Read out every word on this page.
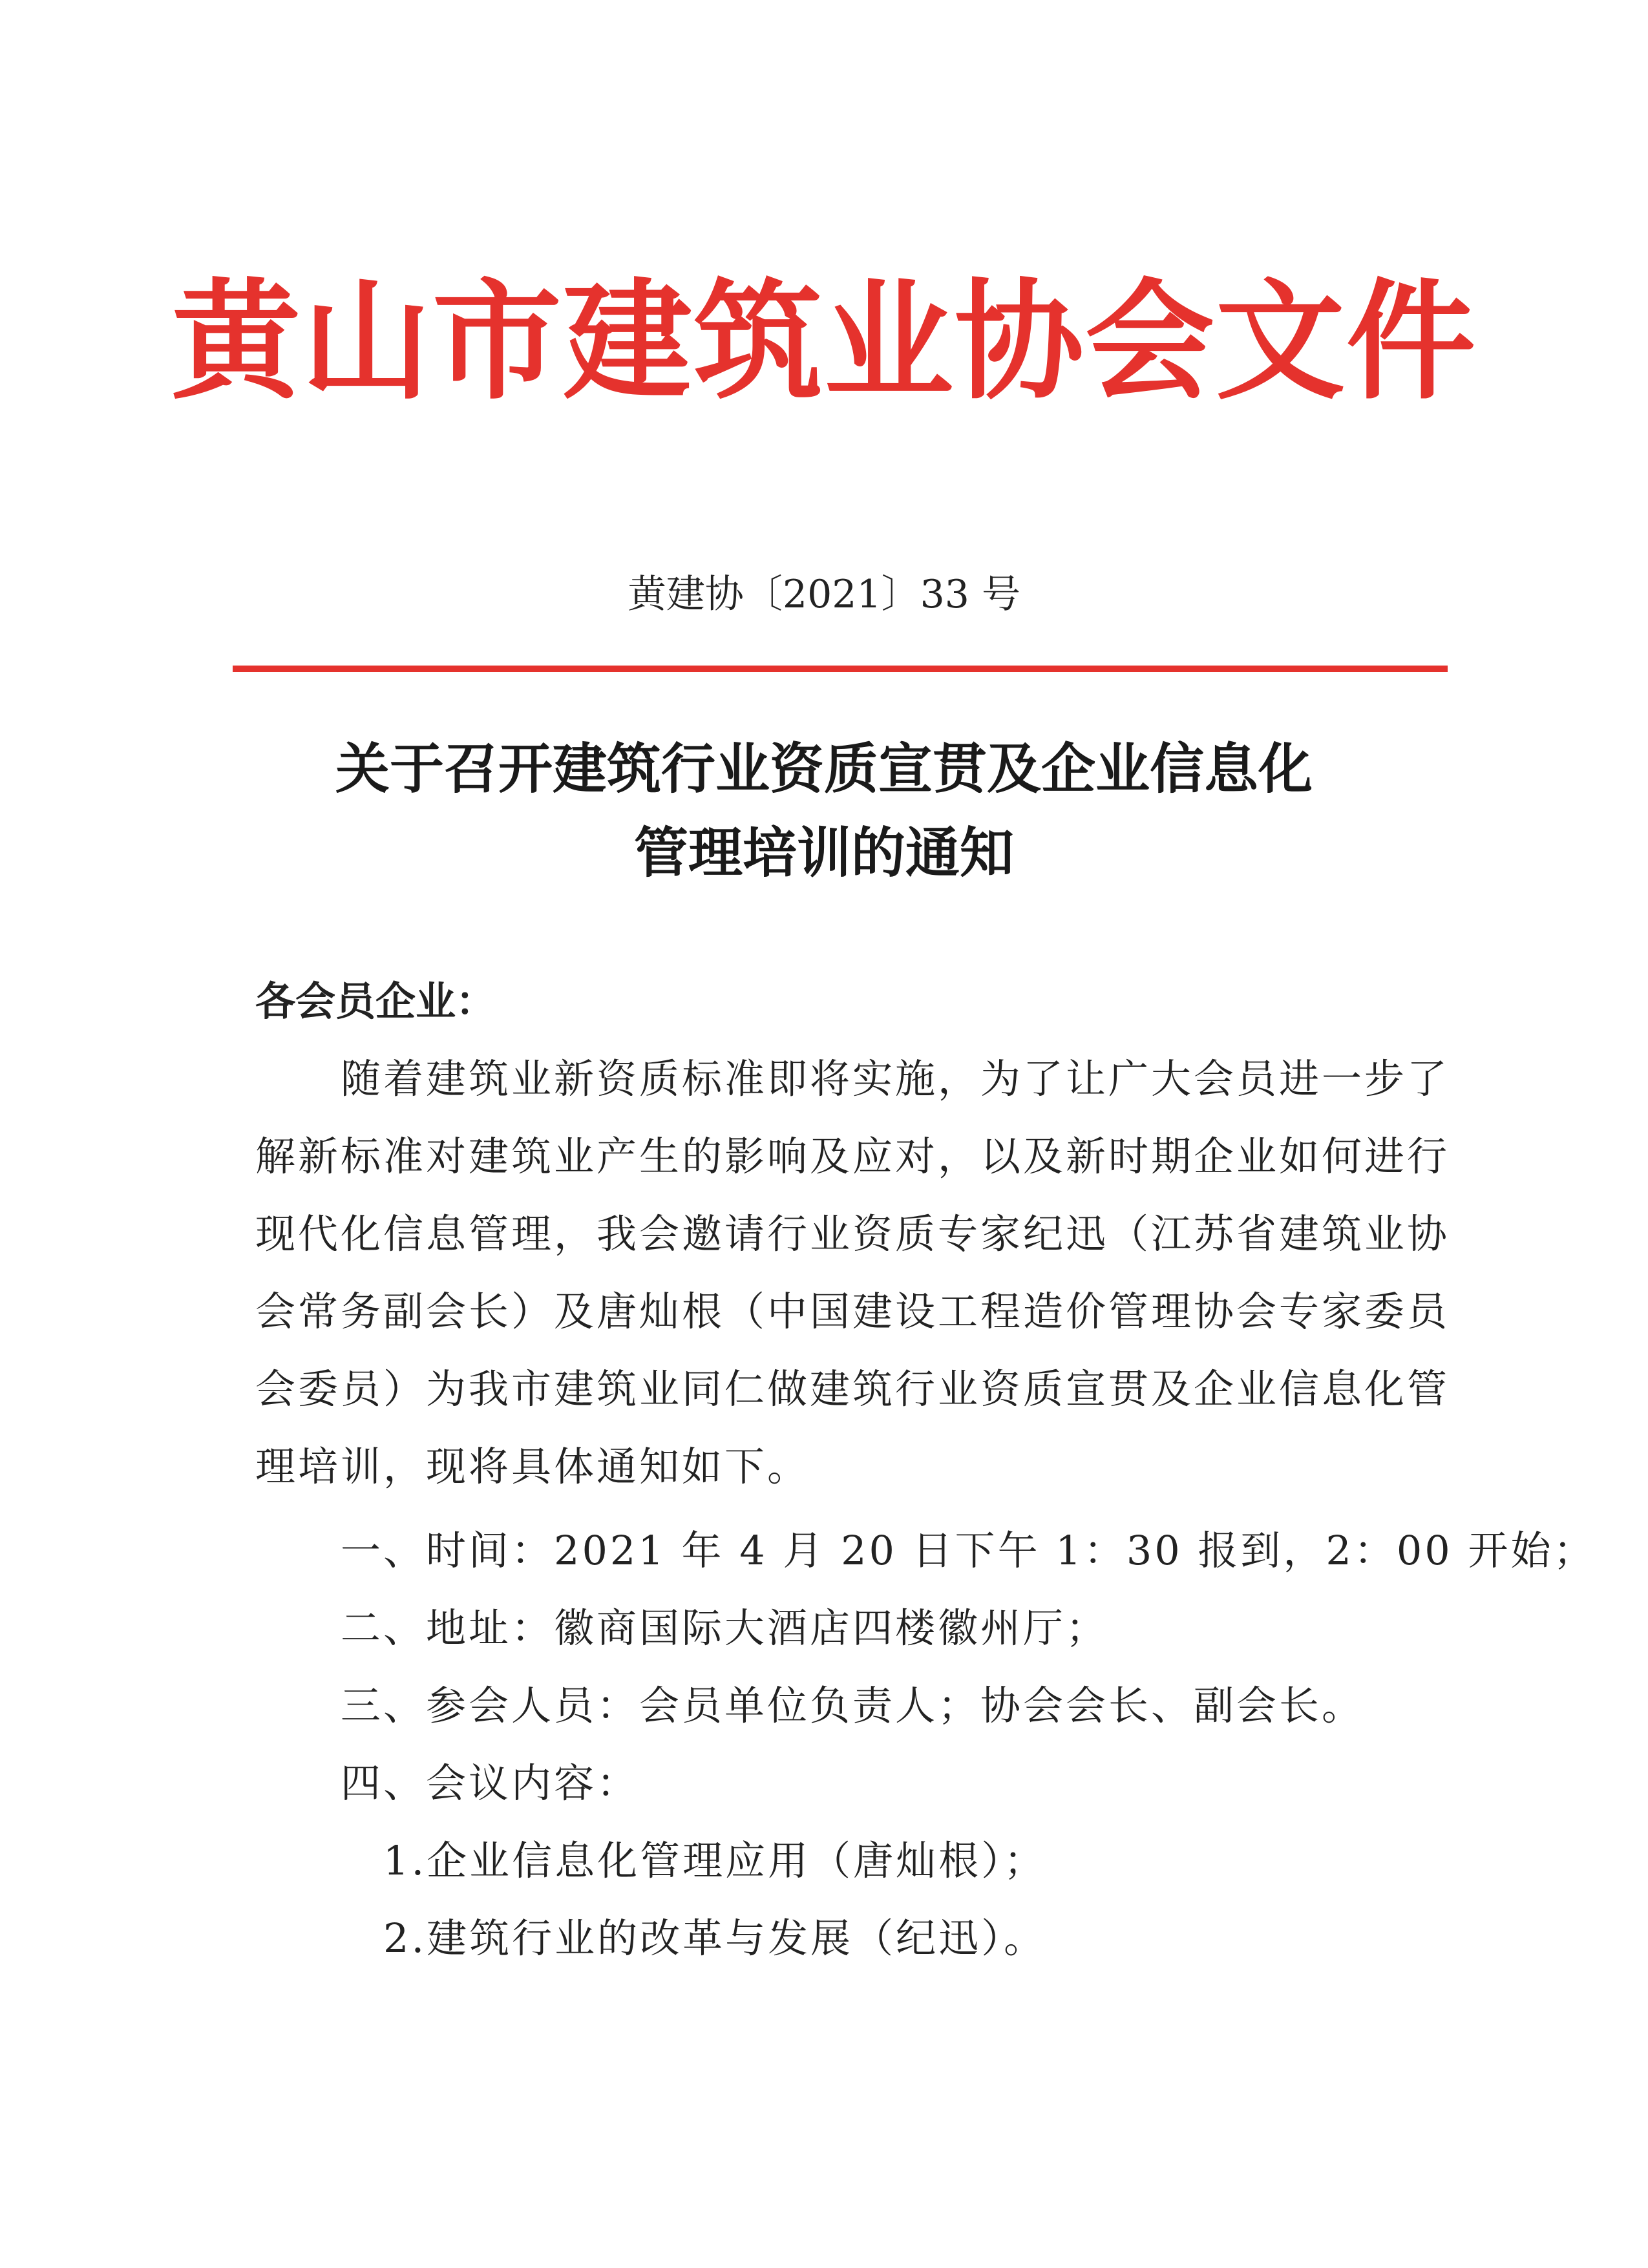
黄山市建筑业协会文件
黄建协〔2021〕33 号
关于召开建筑行业资质宣贯及企业信息化
管理培训的通知
各会员企业：
　　随着建筑业新资质标准即将实施，为了让广大会员进一步了
解新标准对建筑业产生的影响及应对，以及新时期企业如何进行
现代化信息管理，我会邀请行业资质专家纪迅（江苏省建筑业协
会常务副会长）及唐灿根（中国建设工程造价管理协会专家委员
会委员）为我市建筑业同仁做建筑行业资质宣贯及企业信息化管
理培训，现将具体通知如下。
　　一、时间：2021 年 4 月 20 日下午 1：30 报到，2：00 开始；
　　二、地址：徽商国际大酒店四楼徽州厅；
　　三、参会人员：会员单位负责人；协会会长、副会长。
　　四、会议内容：
　　　1.企业信息化管理应用（唐灿根）；
　　　2.建筑行业的改革与发展（纪迅）。
